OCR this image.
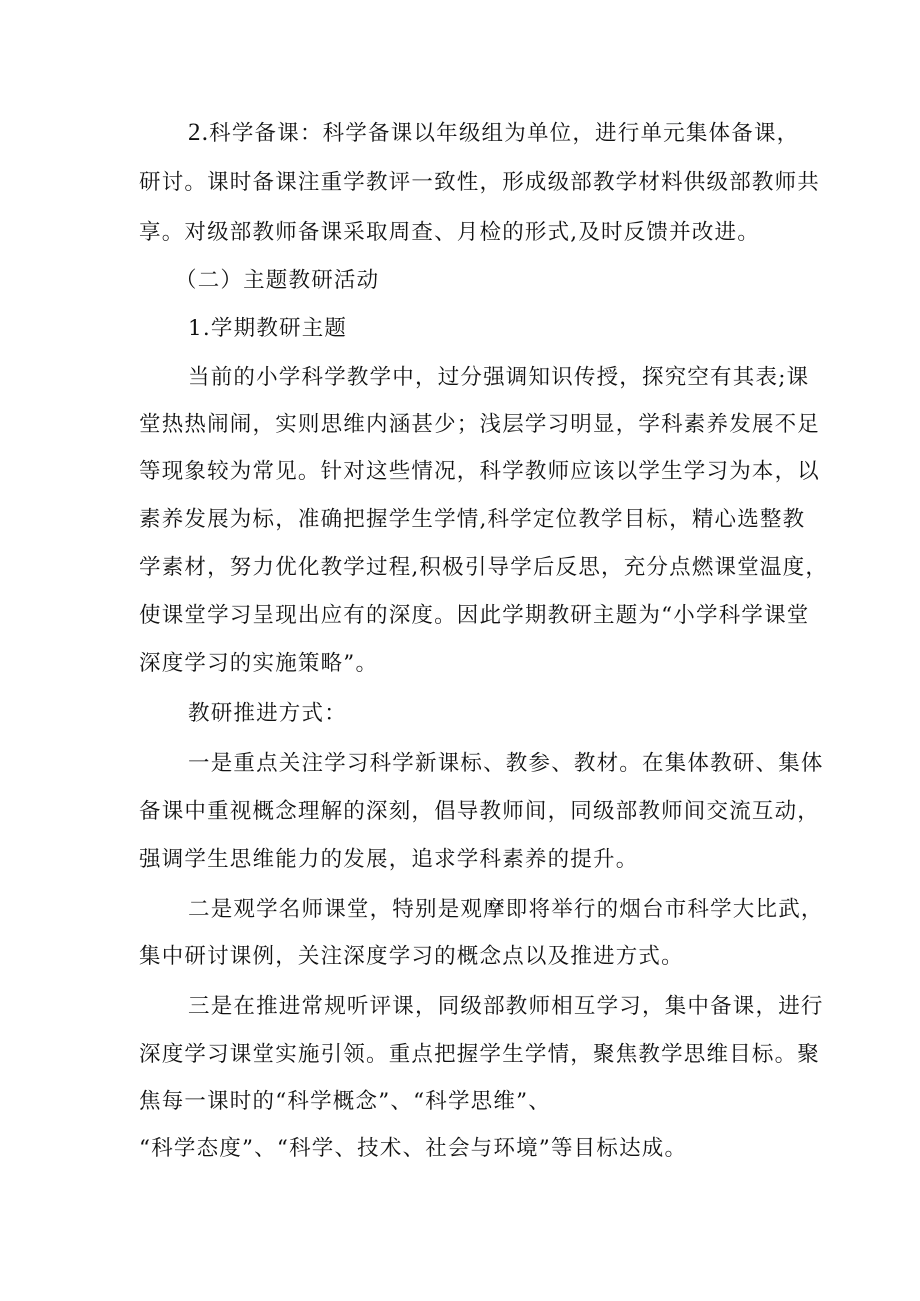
2.科学备课：科学备课以年级组为单位，进行单元集体备课，
研讨。课时备课注重学教评一致性，形成级部教学材料供级部教师共
享。对级部教师备课采取周查、月检的形式,及时反馈并改进。
（二）主题教研活动
1.学期教研主题
当前的小学科学教学中，过分强调知识传授，探究空有其表;课
堂热热闹闹，实则思维内涵甚少；浅层学习明显，学科素养发展不足
等现象较为常见。针对这些情况，科学教师应该以学生学习为本，以
素养发展为标，准确把握学生学情,科学定位教学目标，精心选整教
学素材，努力优化教学过程,积极引导学后反思，充分点燃课堂温度，
使课堂学习呈现出应有的深度。因此学期教研主题为“小学科学课堂
深度学习的实施策略”。
教研推进方式：
一是重点关注学习科学新课标、教参、教材。在集体教研、集体
备课中重视概念理解的深刻，倡导教师间，同级部教师间交流互动，
强调学生思维能力的发展，追求学科素养的提升。
二是观学名师课堂，特别是观摩即将举行的烟台市科学大比武，
集中研讨课例，关注深度学习的概念点以及推进方式。
三是在推进常规听评课，同级部教师相互学习，集中备课，进行
深度学习课堂实施引领。重点把握学生学情，聚焦教学思维目标。聚
焦每一课时的“科学概念”、“科学思维”、
“科学态度”、“科学、技术、社会与环境”等目标达成。
